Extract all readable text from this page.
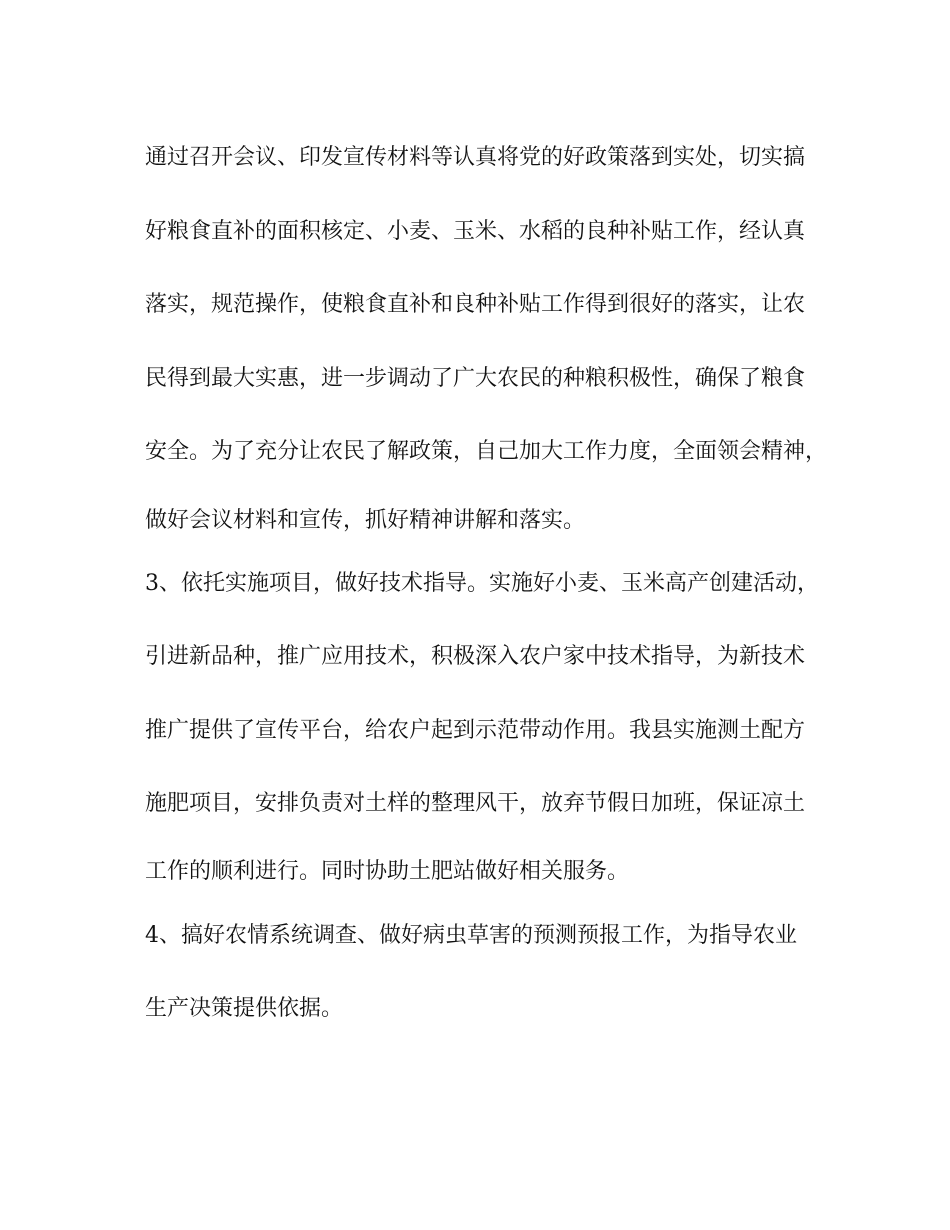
通过召开会议、印发宣传材料等认真将党的好政策落到实处，切实搞

好粮食直补的面积核定、小麦、玉米、水稻的良种补贴工作，经认真

落实，规范操作，使粮食直补和良种补贴工作得到很好的落实，让农

民得到最大实惠，进一步调动了广大农民的种粮积极性，确保了粮食

安全。为了充分让农民了解政策，自己加大工作力度，全面领会精神，

做好会议材料和宣传，抓好精神讲解和落实。

3、依托实施项目，做好技术指导。实施好小麦、玉米高产创建活动，

引进新品种，推广应用技术，积极深入农户家中技术指导，为新技术

推广提供了宣传平台，给农户起到示范带动作用。我县实施测土配方

施肥项目，安排负责对土样的整理风干，放弃节假日加班，保证凉土

工作的顺利进行。同时协助土肥站做好相关服务。

4、搞好农情系统调查、做好病虫草害的预测预报工作，为指导农业

生产决策提供依据。
